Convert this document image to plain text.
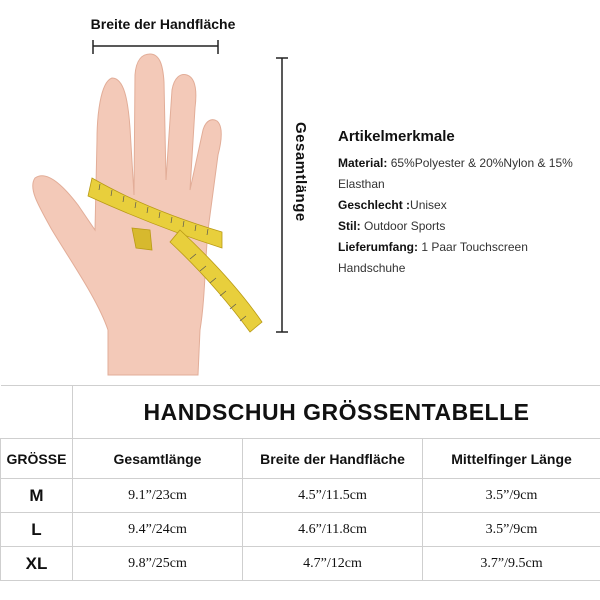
Breite der Handfläche
Gesamtlänge Artikelmerkmale
Material: 65%Polyester & 20%Nylon & 15% Elasthan
Geschlecht :Unisex
Stil: Outdoor Sports
Lieferumfang: 1 Paar Touchscreen Handschuhe
	HANDSCHUH GRÖSSENTABELLE		
GRÖSSE	Gesamtlänge	Breite der Handfläche	Mittelfinger Länge
M	9.1”/23cm	4.5”/11.5cm	3.5”/9cm
L	9.4”/24cm	4.6”/11.8cm	3.5”/9cm
XL	9.8”/25cm	4.7”/12cm	3.7”/9.5cm
